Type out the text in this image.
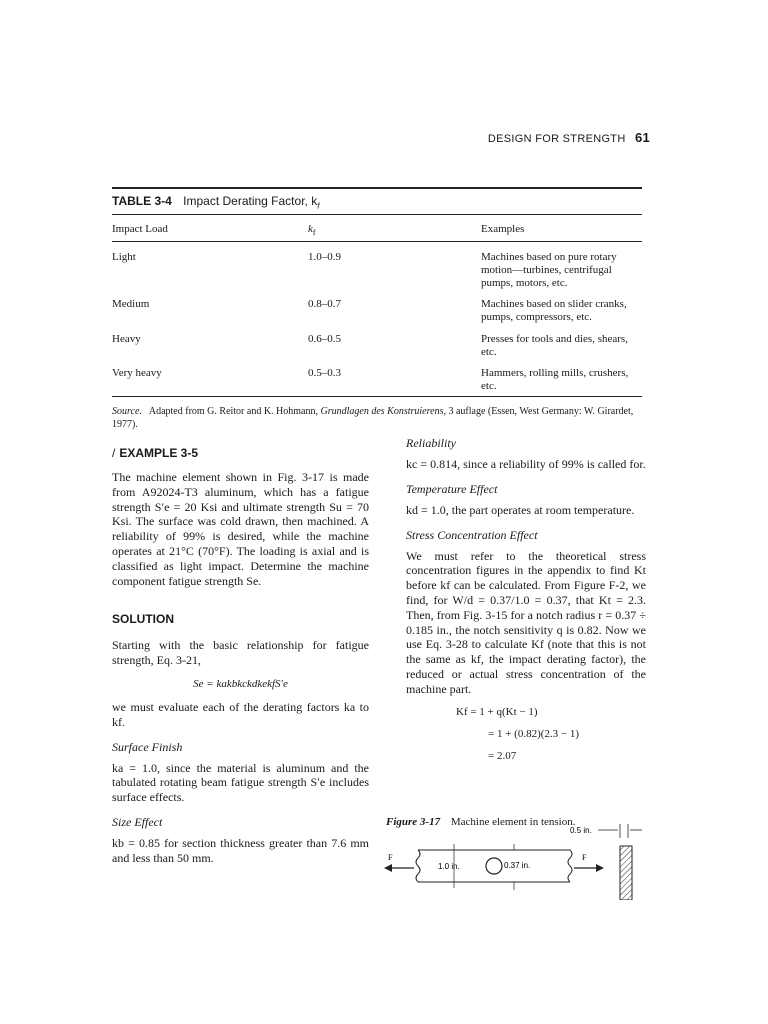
DESIGN FOR STRENGTH 61
TABLE 3-4 Impact Derating Factor, $k_f$
Impact Load	$k_f$	Examples
Light	1.0–0.9	Machines based on pure rotary motion—turbines, centrifugal pumps, motors, etc.
Medium	0.8–0.7	Machines based on slider cranks, pumps, compressors, etc.
Heavy	0.6–0.5	Presses for tools and dies, shears, etc.
Very heavy	0.5–0.3	Hammers, rolling mills, crushers, etc.
Source. Adapted from G. Reitor and K. Hohmann, Grundlagen des Konstruierens, 3 auflage (Essen, West Germany: W. Girardet, 1977).
/ EXAMPLE 3-5

The machine element shown in Fig. 3-17 is made from A92024-T3 aluminum, which has a fatigue strength S′e = 20 Ksi and ultimate strength Su = 70 Ksi. The surface was cold drawn, then machined. A reliability of 99% is desired, while the machine operates at 21°C (70°F). The loading is axial and is classified as light impact. Determine the machine component fatigue strength Se.

SOLUTION

Starting with the basic relationship for fatigue strength, Eq. 3-21,

Se = kakbkckdkekfS′e

we must evaluate each of the derating factors ka to kf.

Surface Finish

ka = 1.0, since the material is aluminum and the tabulated rotating beam fatigue strength S′e includes surface effects.

Size Effect

kb = 0.85 for section thickness greater than 7.6 mm and less than 50 mm.

Reliability

kc = 0.814, since a reliability of 99% is called for.

Temperature Effect

kd = 1.0, the part operates at room temperature.

Stress Concentration Effect

We must refer to the theoretical stress concentration figures in the appendix to find Kt before kf can be calculated. From Figure F-2, we find, for W/d = 0.37/1.0 = 0.37, that Kt = 2.3. Then, from Fig. 3-15 for a notch radius r = 0.37 ÷ 0.185 in., the notch sensitivity q is 0.82. Now we use Eq. 3-28 to calculate Kf (note that this is not the same as kf, the impact derating factor), the reduced or actual stress concentration of the machine part.

Kf = 1 + q(Kt − 1)
= 1 + (0.82)(2.3 − 1)
= 2.07
Figure 3-17 Machine element in tension.
0.5 in.
F
1.0 in.	0.37 in.
F
